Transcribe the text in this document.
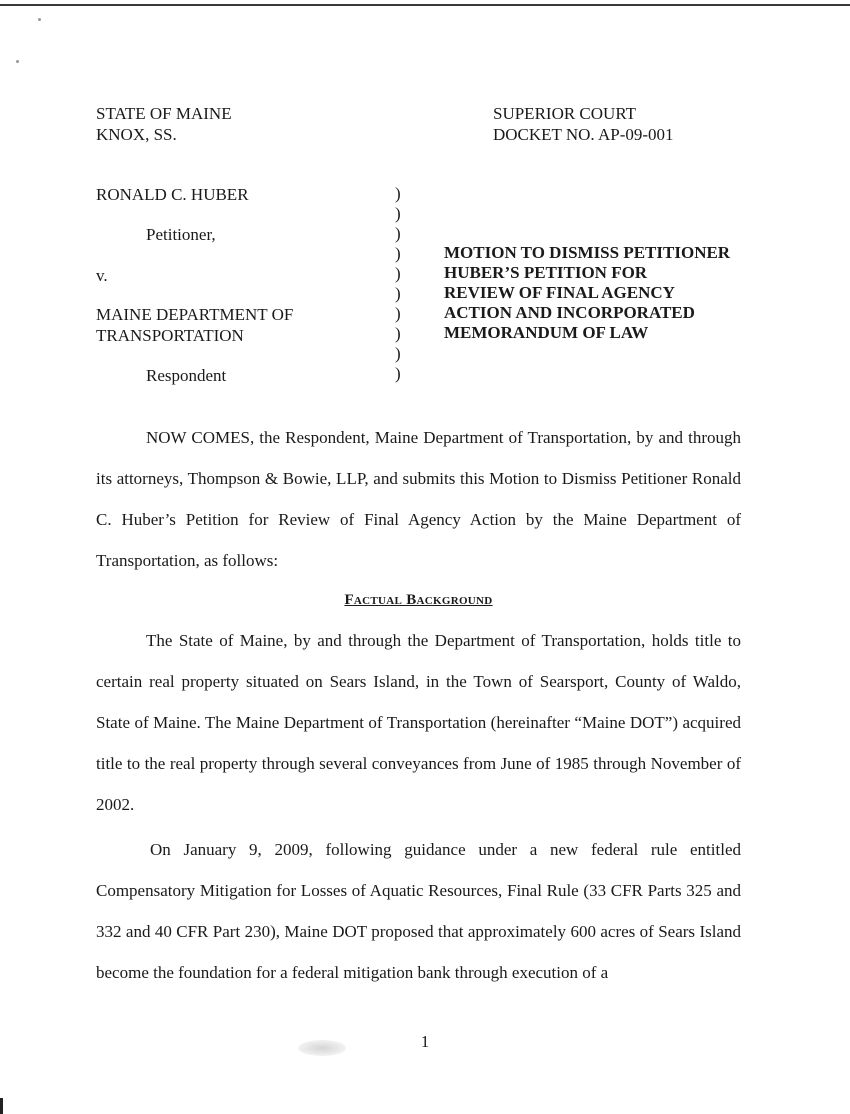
STATE OF MAINE
KNOX, SS.
SUPERIOR COURT
DOCKET NO. AP-09-001
RONALD C. HUBER
Petitioner,
v.
MAINE DEPARTMENT OF
TRANSPORTATION
Respondent
)
)
)
)
)
)
)
)
)
)
MOTION TO DISMISS PETITIONER
HUBER’S PETITION FOR
REVIEW OF FINAL AGENCY
ACTION AND INCORPORATED
MEMORANDUM OF LAW
NOW COMES, the Respondent, Maine Department of Transportation, by and through its attorneys, Thompson & Bowie, LLP, and submits this Motion to Dismiss Petitioner Ronald C. Huber’s Petition for Review of Final Agency Action by the Maine Department of Transportation, as follows:
Factual Background
The State of Maine, by and through the Department of Transportation, holds title to certain real property situated on Sears Island, in the Town of Searsport, County of Waldo, State of Maine. The Maine Department of Transportation (hereinafter “Maine DOT”) acquired title to the real property through several conveyances from June of 1985 through November of 2002.
On January 9, 2009, following guidance under a new federal rule entitled Compensatory Mitigation for Losses of Aquatic Resources, Final Rule (33 CFR Parts 325 and 332 and 40 CFR Part 230), Maine DOT proposed that approximately 600 acres of Sears Island become the foundation for a federal mitigation bank through execution of a
1
